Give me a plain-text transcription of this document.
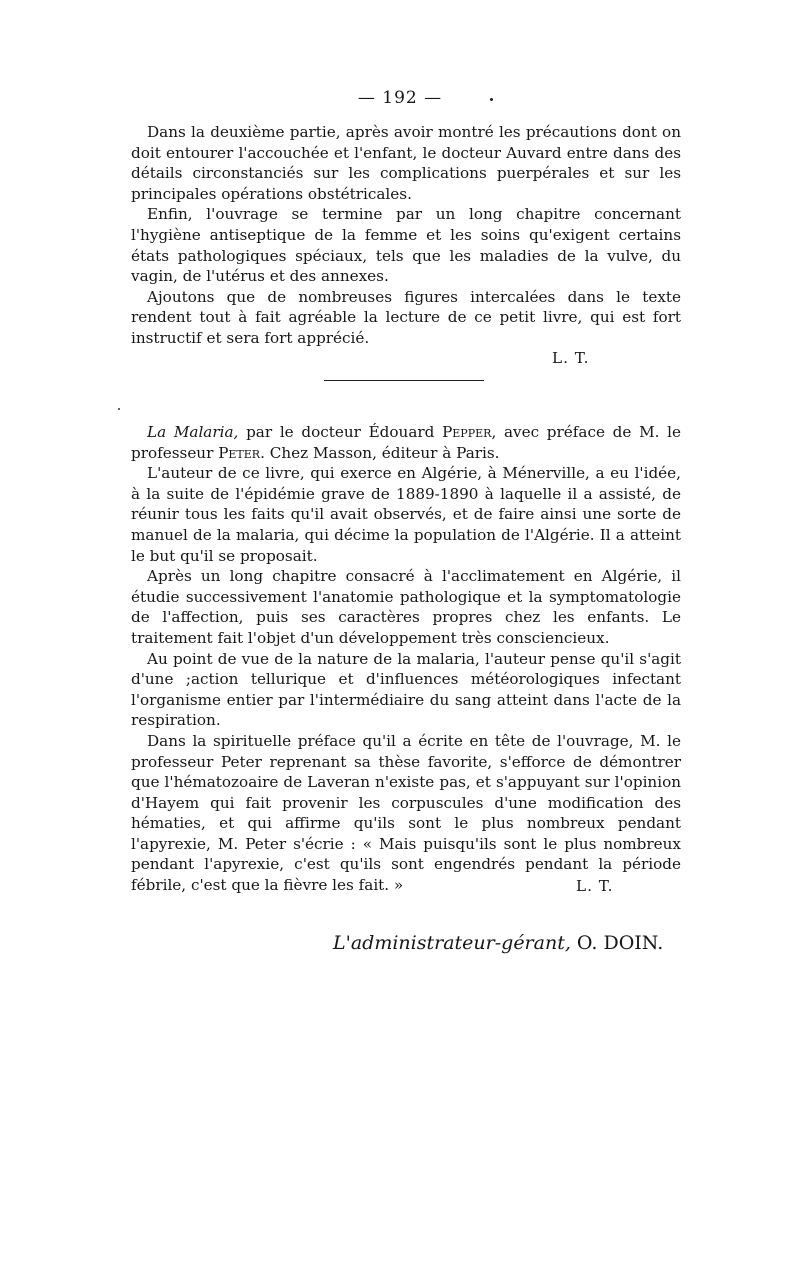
— 192 —

Dans la deuxième partie, après avoir montré les précautions dont on doit entourer l'accouchée et l'enfant, le docteur Auvard entre dans des détails circonstanciés sur les complications puerpérales et sur les principales opérations obstétricales.

Enfin, l'ouvrage se termine par un long chapitre concernant l'hygiène antiseptique de la femme et les soins qu'exigent certains états pathologiques spéciaux, tels que les maladies de la vulve, du vagin, de l'utérus et des annexes.

Ajoutons que de nombreuses figures intercalées dans le texte rendent tout à fait agréable la lecture de ce petit livre, qui est fort instructif et sera fort apprécié.

L. T.

La Malaria, par le docteur Édouard Pepper, avec préface de M. le professeur Peter. Chez Masson, éditeur à Paris.

L'auteur de ce livre, qui exerce en Algérie, à Ménerville, a eu l'idée, à la suite de l'épidémie grave de 1889-1890 à laquelle il a assisté, de réunir tous les faits qu'il avait observés, et de faire ainsi une sorte de manuel de la malaria, qui décime la population de l'Algérie. Il a atteint le but qu'il se proposait.

Après un long chapitre consacré à l'acclimatement en Algérie, il étudie successivement l'anatomie pathologique et la symptomatologie de l'affection, puis ses caractères propres chez les enfants. Le traitement fait l'objet d'un développement très consciencieux.

Au point de vue de la nature de la malaria, l'auteur pense qu'il s'agit d'une ;action tellurique et d'influences météorologiques infectant l'organisme entier par l'intermédiaire du sang atteint dans l'acte de la respiration.

Dans la spirituelle préface qu'il a écrite en tête de l'ouvrage, M. le professeur Peter reprenant sa thèse favorite, s'efforce de démontrer que l'hématozoaire de Laveran n'existe pas, et s'appuyant sur l'opinion d'Hayem qui fait provenir les corpuscules d'une modification des hématies, et qui affirme qu'ils sont le plus nombreux pendant l'apyrexie, M. Peter s'écrie : « Mais puisqu'ils sont le plus nombreux pendant l'apyrexie, c'est qu'ils sont engendrés pendant la période fébrile, c'est que la fièvre les fait. »	L. T.
L'administrateur-gérant, O. DOIN.
